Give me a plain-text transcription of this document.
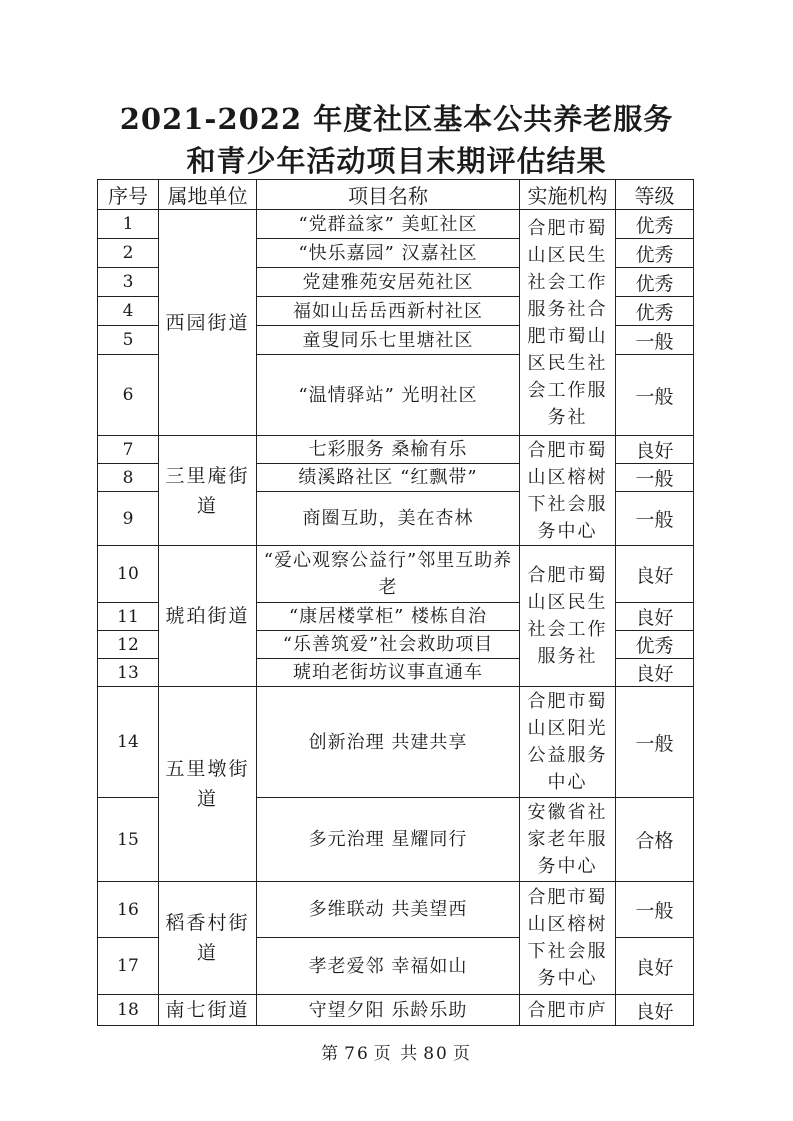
2021-2022 年度社区基本公共养老服务
和青少年活动项目末期评估结果
序号	属地单位	项目名称	实施机构	等级
1	西园街道	“党群益家” 美虹社区	合肥市蜀山区民生社会工作服务社合肥市蜀山区民生社会工作服务社	优秀
2		“快乐嘉园” 汉嘉社区		优秀
3		党建雅苑安居苑社区		优秀
4		福如山岳岳西新村社区		优秀
5		童叟同乐七里塘社区		一般
6		“温情驿站” 光明社区		一般
7	三里庵街道	七彩服务 桑榆有乐	合肥市蜀山区榕树下社会服务中心	良好
8		绩溪路社区 “红飘带”		一般
9		商圈互助，美在杏林		一般
10	琥珀街道	“爱心观察公益行”邻里互助养老	合肥市蜀山区民生社会工作服务社	良好
11		“康居楼掌柜” 楼栋自治		良好
12		“乐善筑爱”社会救助项目		优秀
13		琥珀老街坊议事直通车		良好
14	五里墩街道	创新治理 共建共享	合肥市蜀山区阳光公益服务中心	一般
15		多元治理 星耀同行	安徽省社家老年服务中心	合格
16	稻香村街道	多维联动 共美望西	合肥市蜀山区榕树下社会服务中心	一般
17		孝老爱邻 幸福如山		良好
18	南七街道	守望夕阳 乐龄乐助	合肥市庐	良好
第 76 页 共 80 页
